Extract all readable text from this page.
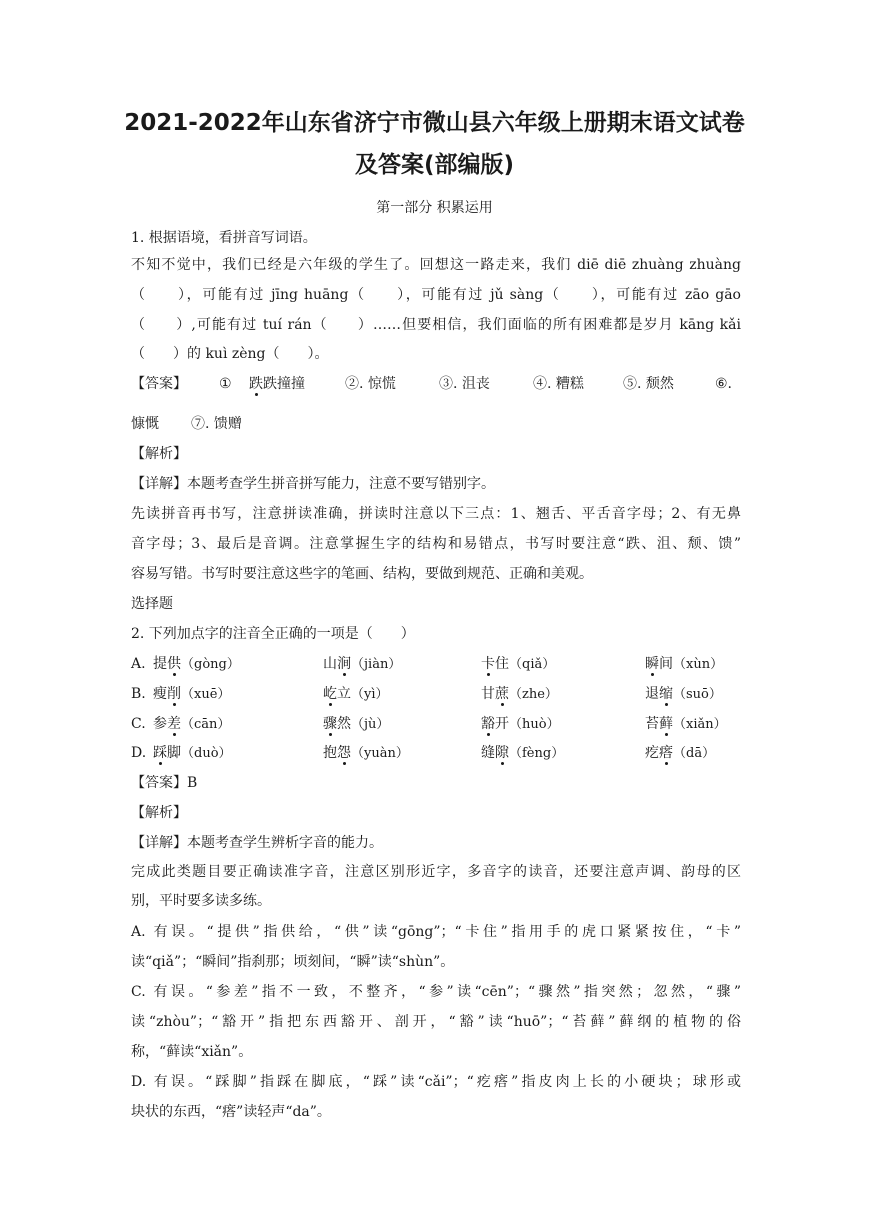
2021-2022年山东省济宁市微山县六年级上册期末语文试卷
及答案(部编版)
第一部分 积累运用
1. 根据语境，看拼音写词语。
不知不觉中，我们已经是六年级的学生了。回想这一路走来，我们 diē diē zhuàng zhuàng
（　　），可能有过 jīng huāng（　　），可能有过 jǔ sàng（　　），可能有过 zāo gāo
（　　）,可能有过 tuí rán（　　）……但要相信，我们面临的所有困难都是岁月 kāng kǎi
（　　）的 kuì zèng（　　）。
【答案】 ① 跌跌撞撞	②. 惊慌	③. 沮丧	④. 糟糕	⑤. 颓然	⑥.
慷慨 ⑦. 馈赠
【解析】
【详解】本题考查学生拼音拼写能力，注意不要写错别字。
先读拼音再书写，注意拼读准确，拼读时注意以下三点：1、翘舌、平舌音字母；2、有无鼻
音字母；3、最后是音调。注意掌握生字的结构和易错点，书写时要注意“跌、沮、颓、馈”
容易写错。书写时要注意这些字的笔画、结构，要做到规范、正确和美观。
选择题
2. 下列加点字的注音全正确的一项是（　　）
A. 提供（gòng）	山涧（jiàn）	卡住（qiǎ）	瞬间（xùn）
B. 瘦削（xuē）	屹立（yì）	甘蔗（zhe）	退缩（suō）
C. 参差（cān）	骤然（jù）	豁开（huò）	苔藓（xiǎn）
D. 踩脚（duò）	抱怨（yuàn）	缝隙（fèng）	疙瘩（dā）
【答案】B
【解析】
【详解】本题考查学生辨析字音的能力。
完成此类题目要正确读准字音，注意区别形近字，多音字的读音，还要注意声调、韵母的区
别，平时要多读多练。
A. 有误。“提供”指供给，“供”读“gōng”；“卡住”指用手的虎口紧紧按住，“卡”
读“qiǎ”；“瞬间”指刹那；顷刻间，“瞬”读“shùn”。
C. 有误。“参差”指不一致，不整齐，“参”读“cēn”；“骤然”指突然；忽然，“骤”
读“zhòu”；“豁开”指把东西豁开、剖开，“豁”读“huō”；“苔藓”藓纲的植物的俗
称，“藓读“xiǎn”。
D. 有误。“踩脚”指踩在脚底，“踩”读“cǎi”；“疙瘩”指皮肉上长的小硬块；球形或
块状的东西，“瘩”读轻声“da”。
